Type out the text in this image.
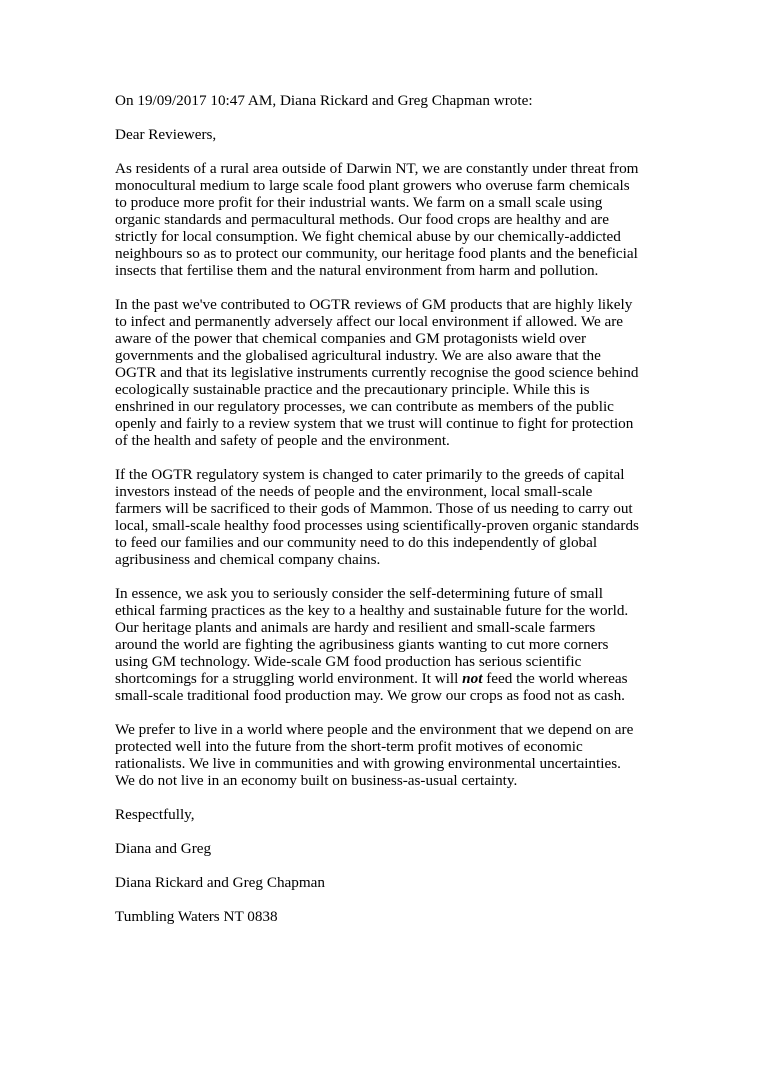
On 19/09/2017 10:47 AM, Diana Rickard and Greg Chapman wrote:
Dear Reviewers,
As residents of a rural area outside of Darwin NT, we are constantly under threat from
monocultural medium to large scale food plant growers who overuse farm chemicals
to produce more profit for their industrial wants. We farm on a small scale using
organic standards and permacultural methods. Our food crops are healthy and are
strictly for local consumption. We fight chemical abuse by our chemically-addicted
neighbours so as to protect our community, our heritage food plants and the beneficial
insects that fertilise them and the natural environment from harm and pollution.
In the past we've contributed to OGTR reviews of GM products that are highly likely
to infect and permanently adversely affect our local environment if allowed. We are
aware of the power that chemical companies and GM protagonists wield over
governments and the globalised agricultural industry. We are also aware that the
OGTR and that its legislative instruments currently recognise the good science behind
ecologically sustainable practice and the precautionary principle. While this is
enshrined in our regulatory processes, we can contribute as members of the public
openly and fairly to a review system that we trust will continue to fight for protection
of the health and safety of people and the environment.
If the OGTR regulatory system is changed to cater primarily to the greeds of capital
investors instead of the needs of people and the environment, local small-scale
farmers will be sacrificed to their gods of Mammon. Those of us needing to carry out
local, small-scale healthy food processes using scientifically-proven organic standards
to feed our families and our community need to do this independently of global
agribusiness and chemical company chains.
In essence, we ask you to seriously consider the self-determining future of small
ethical farming practices as the key to a healthy and sustainable future for the world.
Our heritage plants and animals are hardy and resilient and small-scale farmers
around the world are fighting the agribusiness giants wanting to cut more corners
using GM technology. Wide-scale GM food production has serious scientific
shortcomings for a struggling world environment. It will not feed the world whereas
small-scale traditional food production may. We grow our crops as food not as cash.
We prefer to live in a world where people and the environment that we depend on are
protected well into the future from the short-term profit motives of economic
rationalists. We live in communities and with growing environmental uncertainties.
We do not live in an economy built on business-as-usual certainty.
Respectfully,
Diana and Greg
Diana Rickard and Greg Chapman
Tumbling Waters NT 0838
